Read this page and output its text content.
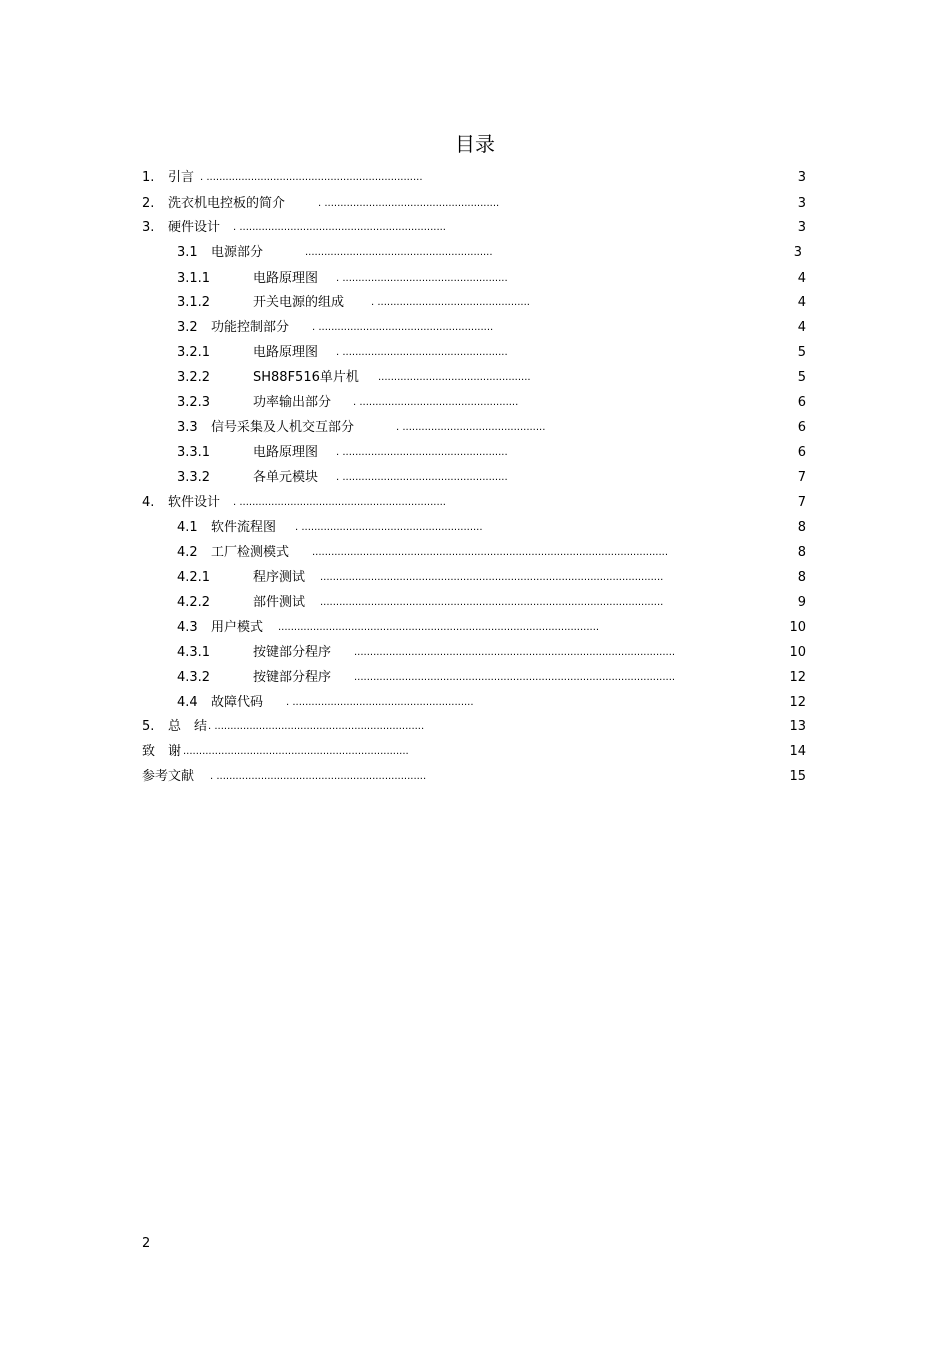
目录
1. 引言 . ....................................................................	3
2. 洗衣机电控板的简介	. .......................................................	3
3. 硬件设计 . .................................................................	3
3.1 电源部分	...........................................................	3
3.1.1	电路原理图 . ....................................................	4
3.1.2	开关电源的组成	. ................................................	4
3.2 功能控制部分 . .......................................................	4
3.2.1	电路原理图 . ....................................................	5
3.2.2	SH88F516单片机 ................................................	5
3.2.3	功率输出部分 . ..................................................	6
3.3 信号采集及人机交互部分	. .............................................	6
3.3.1	电路原理图 . ....................................................	6
3.3.2	各单元模块 . ....................................................	7
4. 软件设计 . .................................................................	7
4.1 软件流程图 . .........................................................	8
4.2 工厂检测模式 ................................................................................................................	8
4.2.1	程序测试 ............................................................................................................	8
4.2.2	部件测试 ............................................................................................................	9
4.3 用户模式 .....................................................................................................	10
4.3.1	按键部分程序 .....................................................................................................	10
4.3.2	按键部分程序 .....................................................................................................	12
4.4 故障代码 . .........................................................	12
5. 总　结 . ..................................................................	13
致　谢 .......................................................................	14
参考文献 . ..................................................................	15
2
